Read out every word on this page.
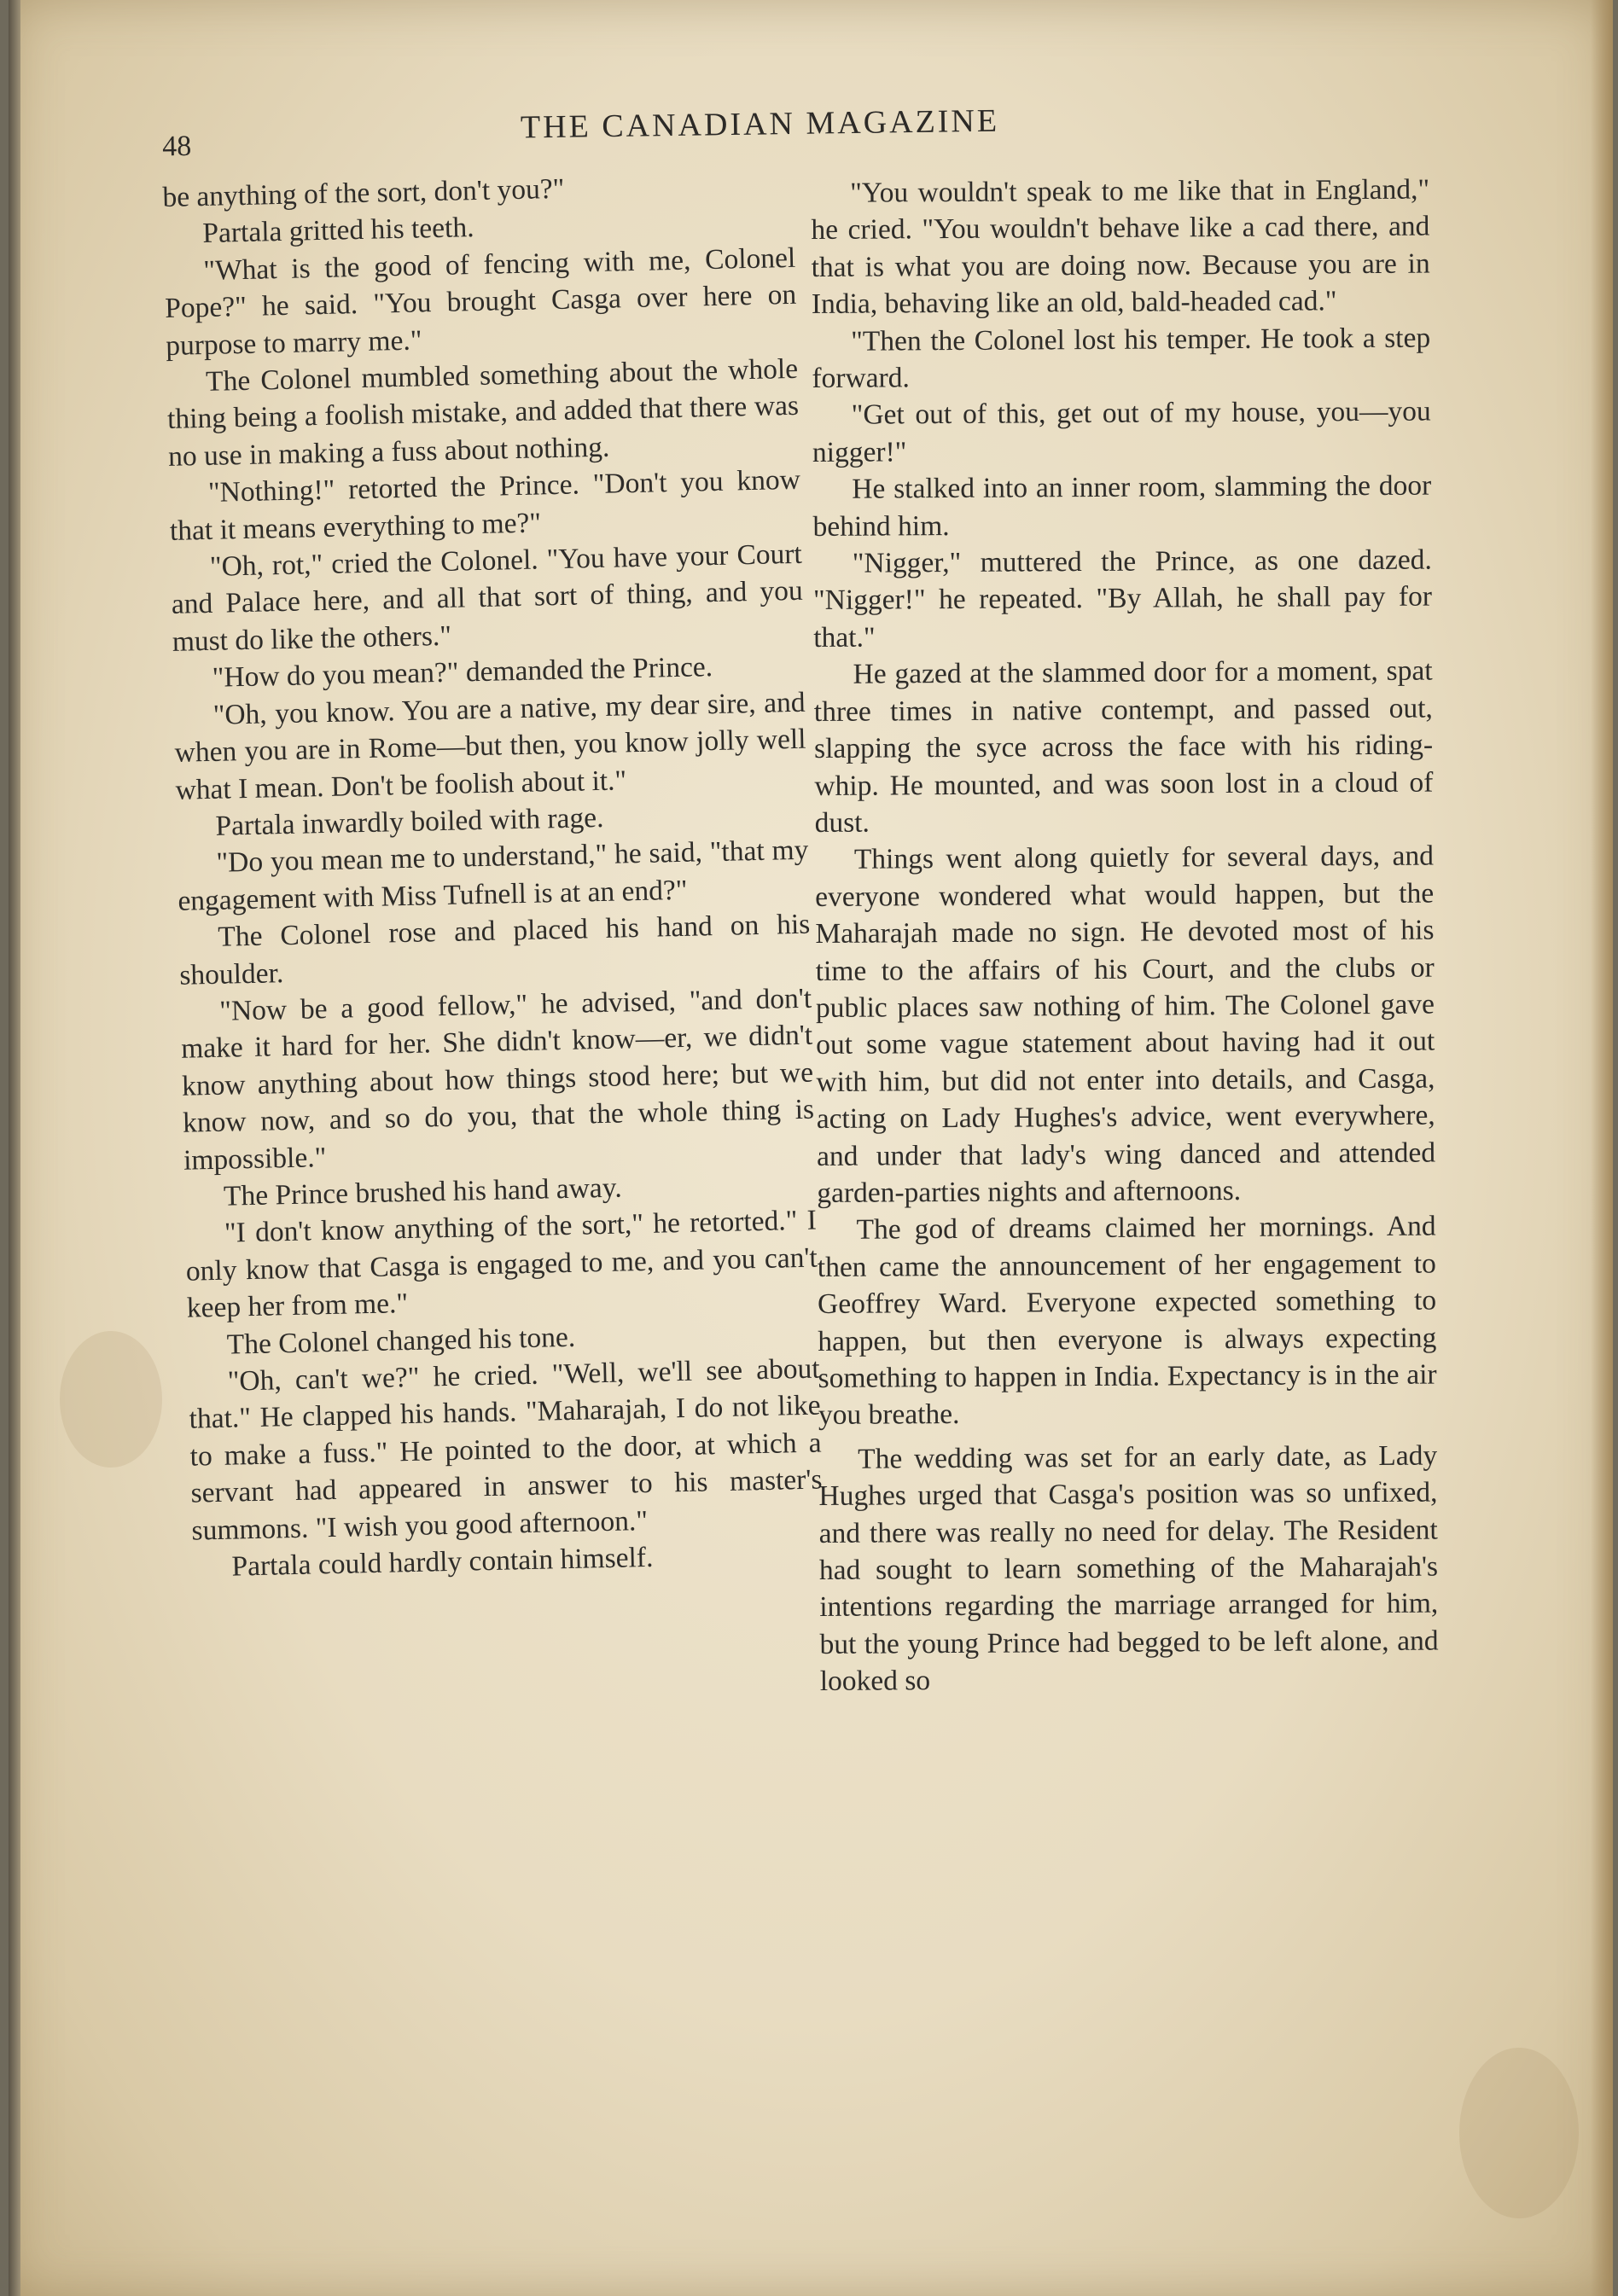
48
THE CANADIAN MAGAZINE

be anything of the sort, don't you?"

Partala gritted his teeth.

"What is the good of fencing with me, Colonel Pope?" he said. "You brought Casga over here on purpose to marry me."

The Colonel mumbled something about the whole thing being a foolish mistake, and added that there was no use in making a fuss about nothing.

"Nothing!" retorted the Prince. "Don't you know that it means everything to me?"

"Oh, rot," cried the Colonel. "You have your Court and Palace here, and all that sort of thing, and you must do like the others."

"How do you mean?" demanded the Prince.

"Oh, you know. You are a native, my dear sire, and when you are in Rome—but then, you know jolly well what I mean. Don't be foolish about it."

Partala inwardly boiled with rage.

"Do you mean me to understand," he said, "that my engagement with Miss Tufnell is at an end?"

The Colonel rose and placed his hand on his shoulder.

"Now be a good fellow," he advised, "and don't make it hard for her. She didn't know—er, we didn't know anything about how things stood here; but we know now, and so do you, that the whole thing is impossible."

The Prince brushed his hand away.

"I don't know anything of the sort," he retorted." I only know that Casga is engaged to me, and you can't keep her from me."

The Colonel changed his tone.

"Oh, can't we?" he cried. "Well, we'll see about that." He clapped his hands. "Maharajah, I do not like to make a fuss." He pointed to the door, at which a servant had appeared in answer to his master's summons. "I wish you good afternoon."

Partala could hardly contain himself.

"You wouldn't speak to me like that in England," he cried. "You wouldn't behave like a cad there, and that is what you are doing now. Because you are in India, behaving like an old, bald-headed cad."

"Then the Colonel lost his temper. He took a step forward.

"Get out of this, get out of my house, you—you nigger!"

He stalked into an inner room, slamming the door behind him.

"Nigger," muttered the Prince, as one dazed. "Nigger!" he repeated. "By Allah, he shall pay for that."

He gazed at the slammed door for a moment, spat three times in native contempt, and passed out, slapping the syce across the face with his riding-whip. He mounted, and was soon lost in a cloud of dust.

Things went along quietly for several days, and everyone wondered what would happen, but the Maharajah made no sign. He devoted most of his time to the affairs of his Court, and the clubs or public places saw nothing of him. The Colonel gave out some vague statement about having had it out with him, but did not enter into details, and Casga, acting on Lady Hughes's advice, went everywhere, and under that lady's wing danced and attended garden-parties nights and afternoons.

The god of dreams claimed her mornings. And then came the announcement of her engagement to Geoffrey Ward. Everyone expected something to happen, but then everyone is always expecting something to happen in India. Expectancy is in the air you breathe.

The wedding was set for an early date, as Lady Hughes urged that Casga's position was so unfixed, and there was really no need for delay. The Resident had sought to learn something of the Maharajah's intentions regarding the marriage arranged for him, but the young Prince had begged to be left alone, and looked so
